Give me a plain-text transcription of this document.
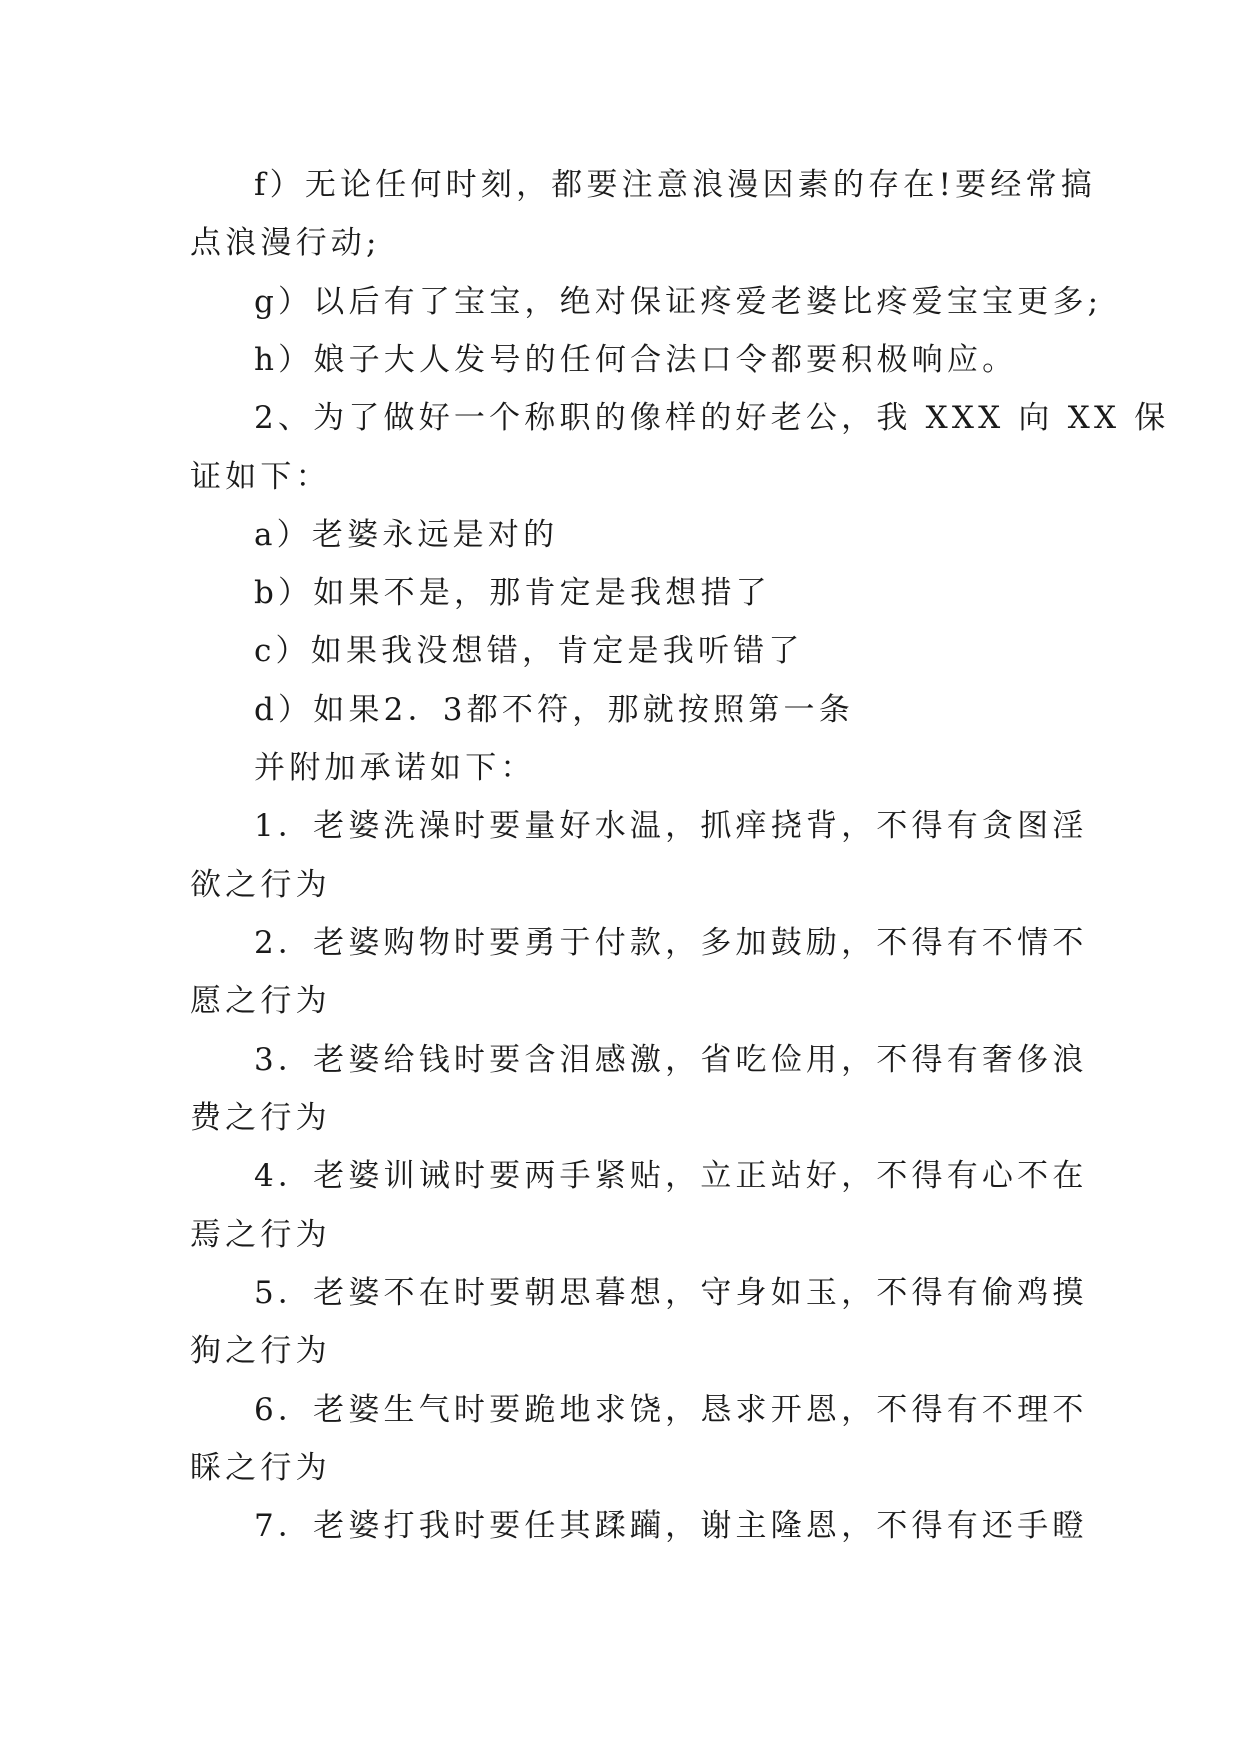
f）无论任何时刻，都要注意浪漫因素的存在!要经常搞
点浪漫行动;
g）以后有了宝宝，绝对保证疼爱老婆比疼爱宝宝更多;
h）娘子大人发号的任何合法口令都要积极响应。
2、为了做好一个称职的像样的好老公，我 XXX 向 XX 保
证如下：
a）老婆永远是对的
b）如果不是，那肯定是我想措了
c）如果我没想错，肯定是我听错了
d）如果2．3都不符，那就按照第一条
并附加承诺如下：
1．老婆洗澡时要量好水温，抓痒挠背，不得有贪图淫
欲之行为
2．老婆购物时要勇于付款，多加鼓励，不得有不情不
愿之行为
3．老婆给钱时要含泪感激，省吃俭用，不得有奢侈浪
费之行为
4．老婆训诫时要两手紧贴，立正站好，不得有心不在
焉之行为
5．老婆不在时要朝思暮想，守身如玉，不得有偷鸡摸
狗之行为
6．老婆生气时要跪地求饶，恳求开恩，不得有不理不
睬之行为
7．老婆打我时要任其蹂躏，谢主隆恩，不得有还手瞪
